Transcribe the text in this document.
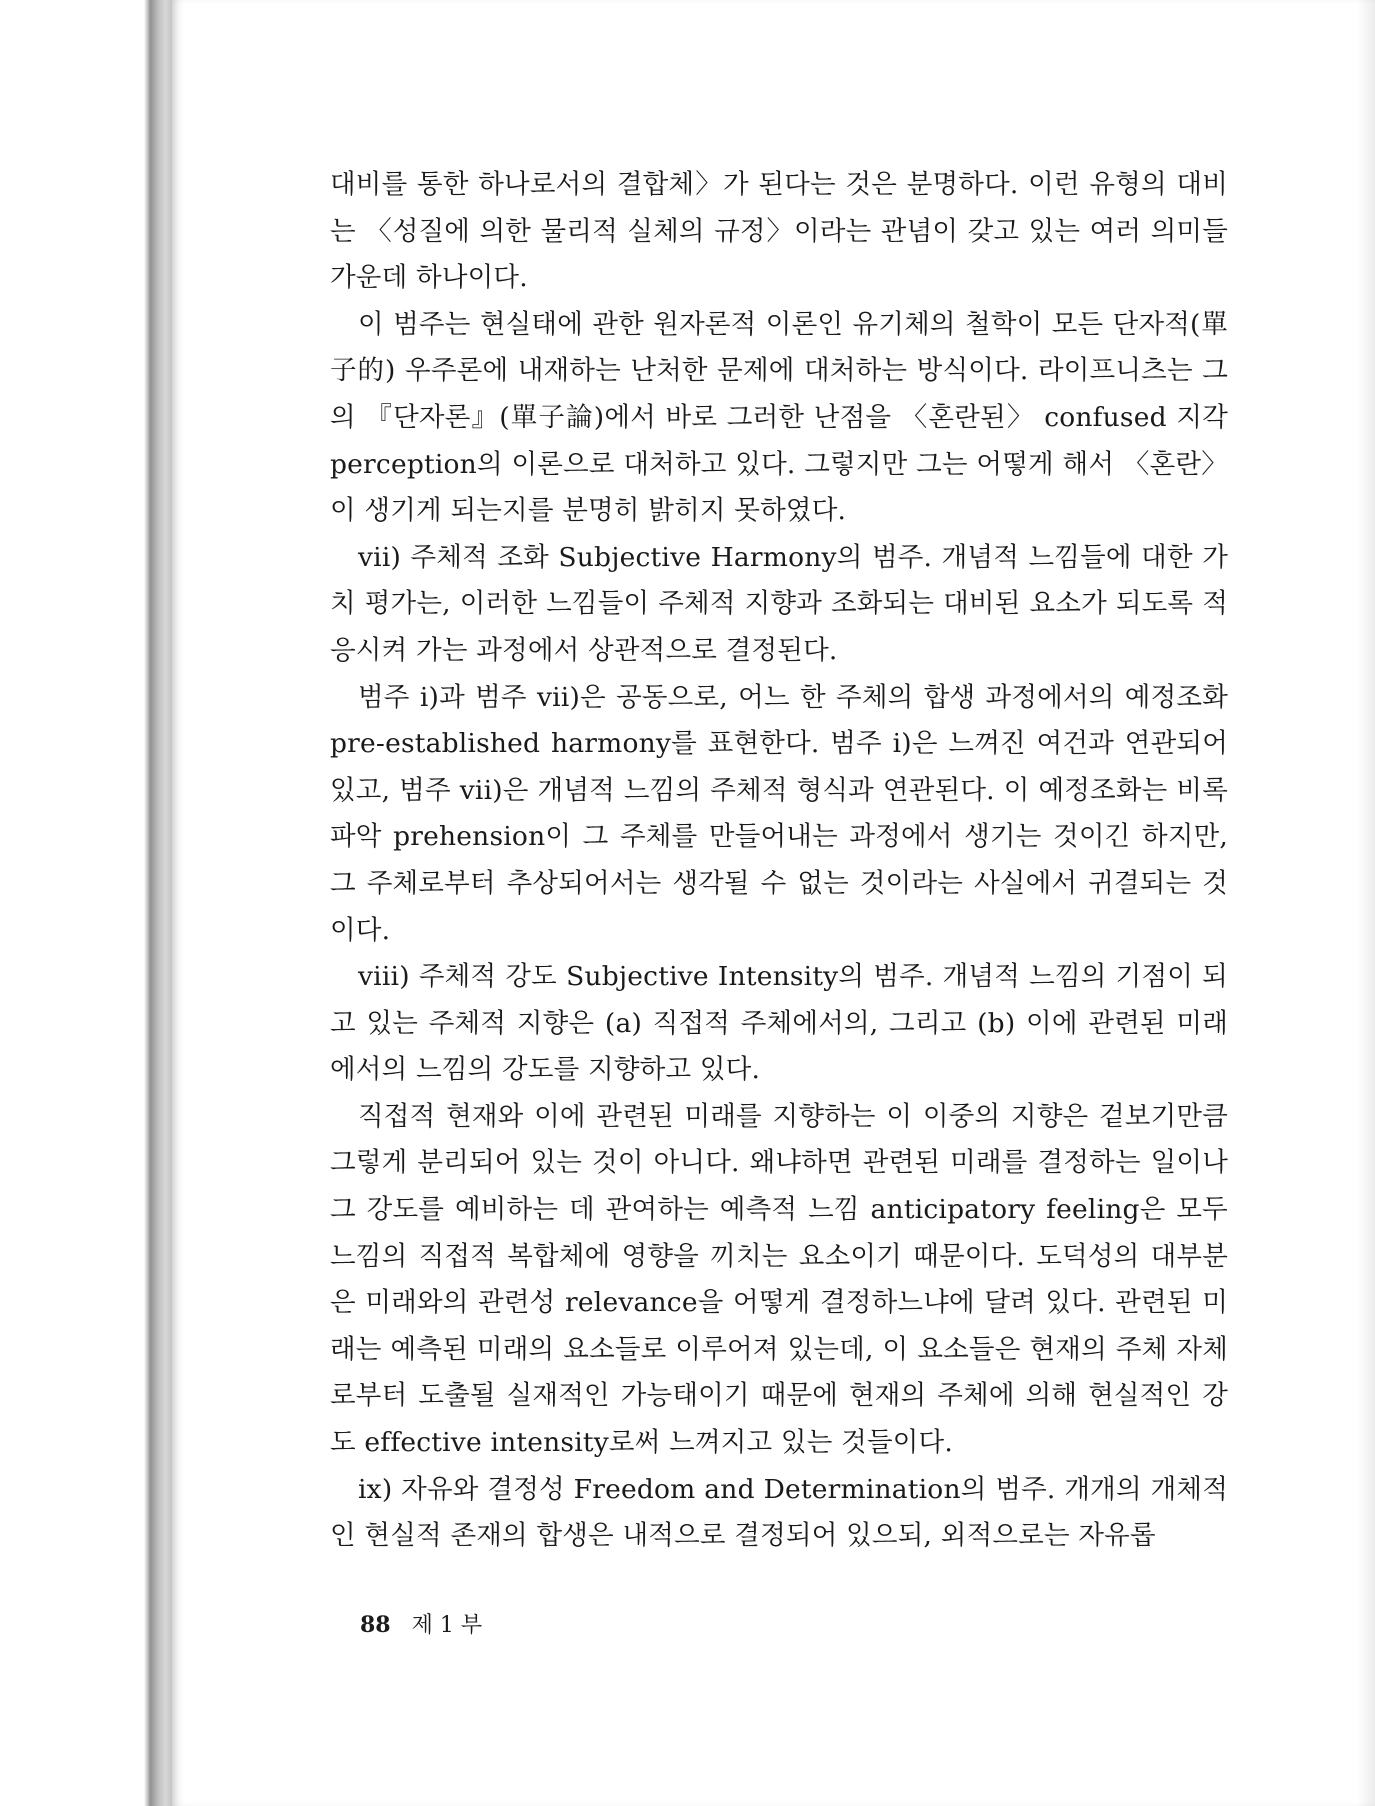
대비를 통한 하나로서의 결합체〉가 된다는 것은 분명하다. 이런 유형의 대비는 〈성질에 의한 물리적 실체의 규정〉이라는 관념이 갖고 있는 여러 의미들 가운데 하나이다.

이 범주는 현실태에 관한 원자론적 이론인 유기체의 철학이 모든 단자적(單子的) 우주론에 내재하는 난처한 문제에 대처하는 방식이다. 라이프니츠는 그의 『단자론』(單子論)에서 바로 그러한 난점을 〈혼란된〉 confused 지각 perception의 이론으로 대처하고 있다. 그렇지만 그는 어떻게 해서 〈혼란〉이 생기게 되는지를 분명히 밝히지 못하였다.

vii) 주체적 조화 Subjective Harmony의 범주. 개념적 느낌들에 대한 가치 평가는, 이러한 느낌들이 주체적 지향과 조화되는 대비된 요소가 되도록 적응시켜 가는 과정에서 상관적으로 결정된다.

범주 i)과 범주 vii)은 공동으로, 어느 한 주체의 합생 과정에서의 예정조화 pre-established harmony를 표현한다. 범주 i)은 느껴진 여건과 연관되어 있고, 범주 vii)은 개념적 느낌의 주체적 형식과 연관된다. 이 예정조화는 비록 파악 prehension이 그 주체를 만들어내는 과정에서 생기는 것이긴 하지만, 그 주체로부터 추상되어서는 생각될 수 없는 것이라는 사실에서 귀결되는 것이다.

viii) 주체적 강도 Subjective Intensity의 범주. 개념적 느낌의 기점이 되고 있는 주체적 지향은 (a) 직접적 주체에서의, 그리고 (b) 이에 관련된 미래에서의 느낌의 강도를 지향하고 있다.

직접적 현재와 이에 관련된 미래를 지향하는 이 이중의 지향은 겉보기만큼 그렇게 분리되어 있는 것이 아니다. 왜냐하면 관련된 미래를 결정하는 일이나 그 강도를 예비하는 데 관여하는 예측적 느낌 anticipatory feeling은 모두 느낌의 직접적 복합체에 영향을 끼치는 요소이기 때문이다. 도덕성의 대부분은 미래와의 관련성 relevance을 어떻게 결정하느냐에 달려 있다. 관련된 미래는 예측된 미래의 요소들로 이루어져 있는데, 이 요소들은 현재의 주체 자체로부터 도출될 실재적인 가능태이기 때문에 현재의 주체에 의해 현실적인 강도 effective intensity로써 느껴지고 있는 것들이다.

ix) 자유와 결정성 Freedom and Determination의 범주. 개개의 개체적인 현실적 존재의 합생은 내적으로 결정되어 있으되, 외적으로는 자유롭

88 제 1 부
